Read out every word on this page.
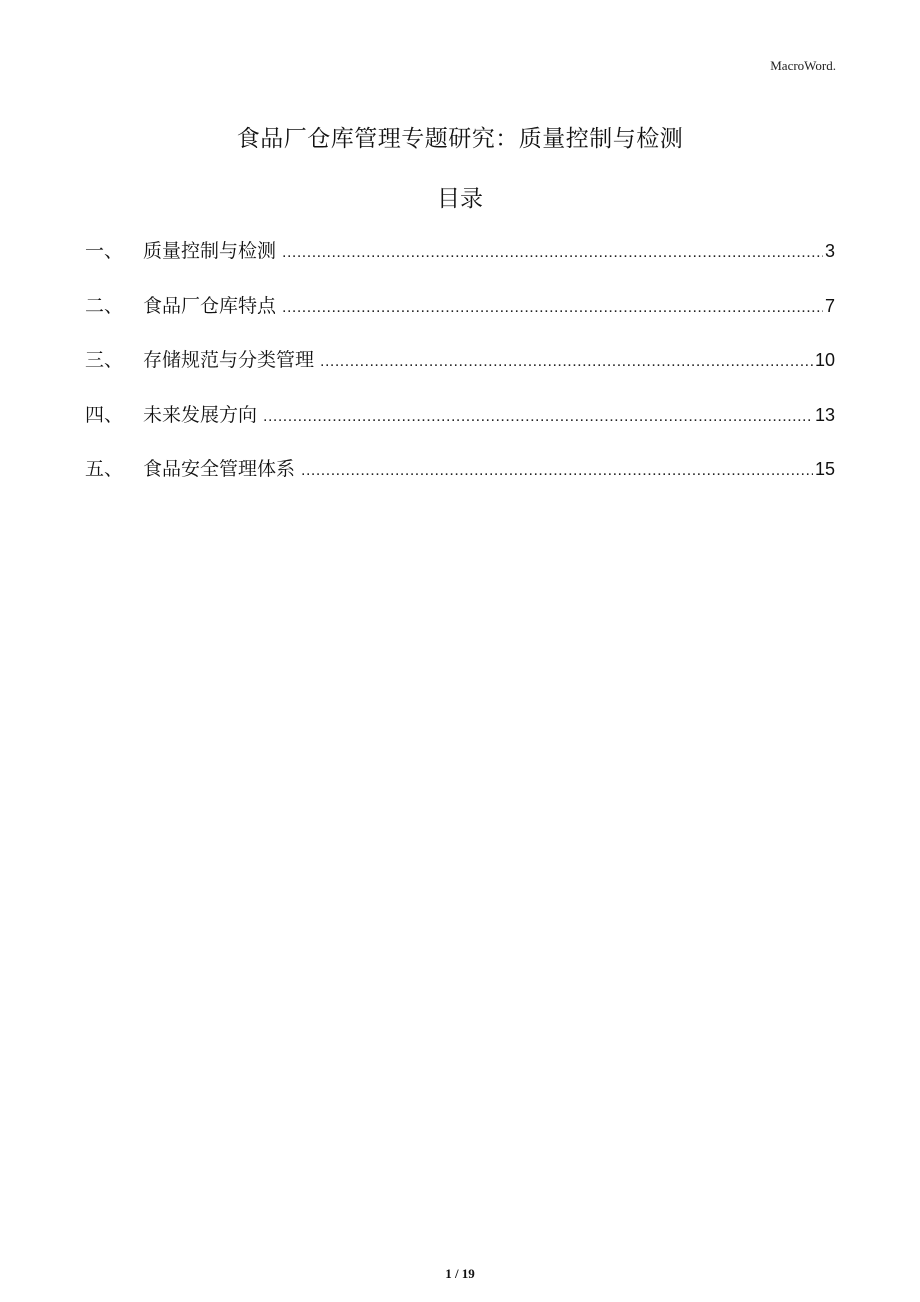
MacroWord.
食品厂仓库管理专题研究：质量控制与检测
目录
一、	质量控制与检测 .....	3
二、	食品厂仓库特点 .....	7
三、	存储规范与分类管理 .....	10
四、	未来发展方向 .....	13
五、	食品安全管理体系 .....	15
1 / 19
